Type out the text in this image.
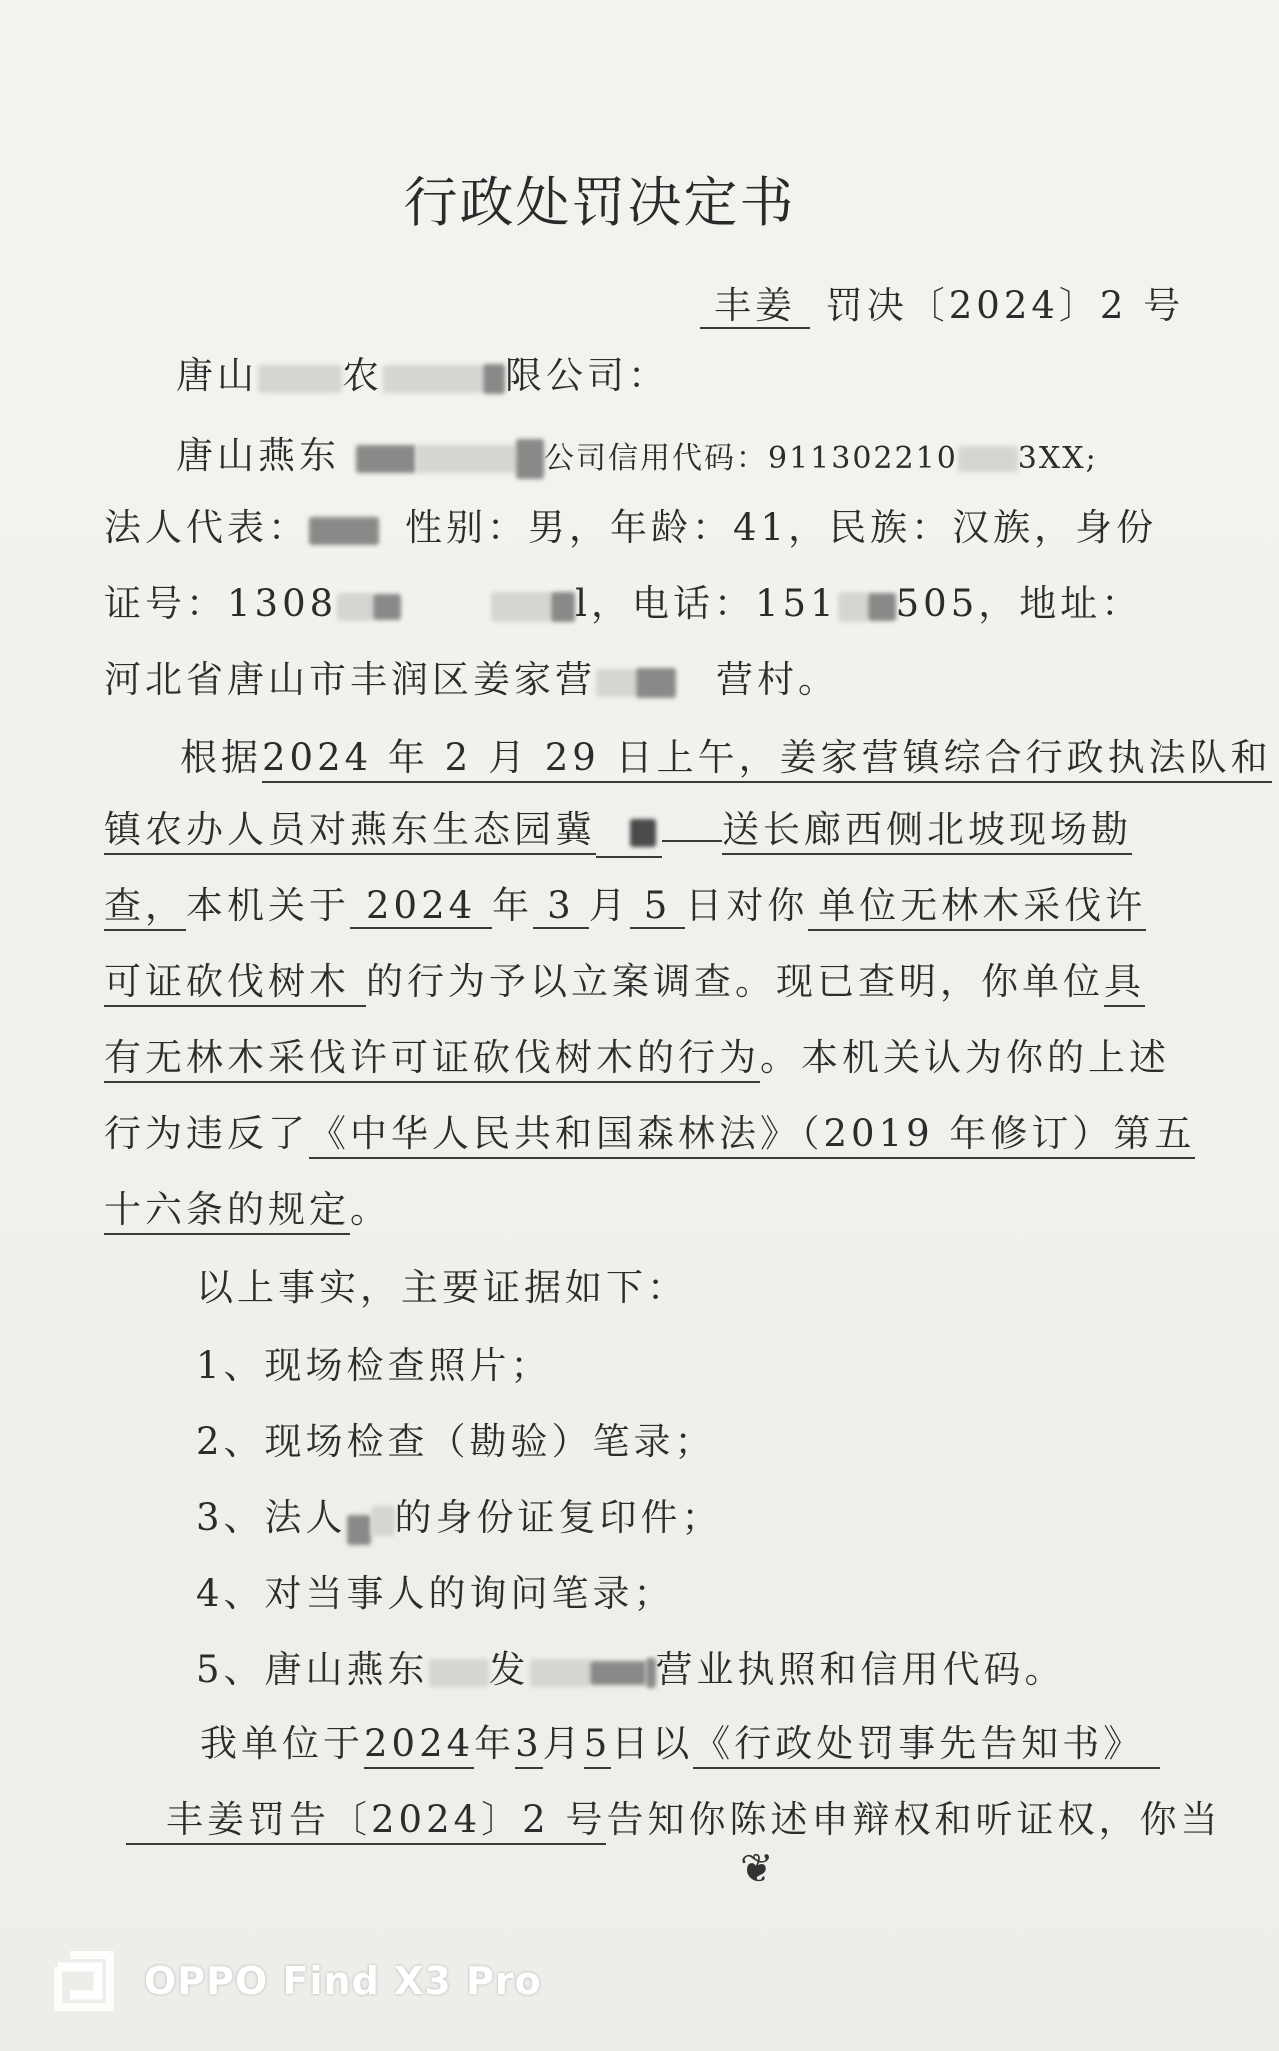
行政处罚决定书
丰姜 罚决〔2024〕2 号
唐山 农	限公司：
唐山燕东	公司信用代码：911302210 3XX;
法人代表：	性别：男，年龄：41，民族：汉族，身份
证号：1308	l，电话：151 505，地址：
河北省唐山市丰润区姜家营	营村。
根据2024 年 2 月 29 日上午，姜家营镇综合行政执法队和
镇农办人员对燕东生态园冀	送长廊西侧北坡现场勘
查，本机关于 2024 年 3 月 5 日对你 单位无林木采伐许
可证砍伐树木 的行为予以立案调查。现已查明，你单位具
有无林木采伐许可证砍伐树木的行为。本机关认为你的上述
行为违反了《中华人民共和国森林法》（2019 年修订）第五
十六条的规定。
以上事实，主要证据如下：
1、现场检查照片；
2、现场检查（勘验）笔录；
3、法人 的身份证复印件；
4、对当事人的询问笔录；
5、唐山燕东 发	营业执照和信用代码。
我单位于2024年3月5日以《行政处罚事先告知书》
丰姜罚告〔2024〕2 号告知你陈述申辩权和听证权，你当
❦
OPPO Find X3 Pro
